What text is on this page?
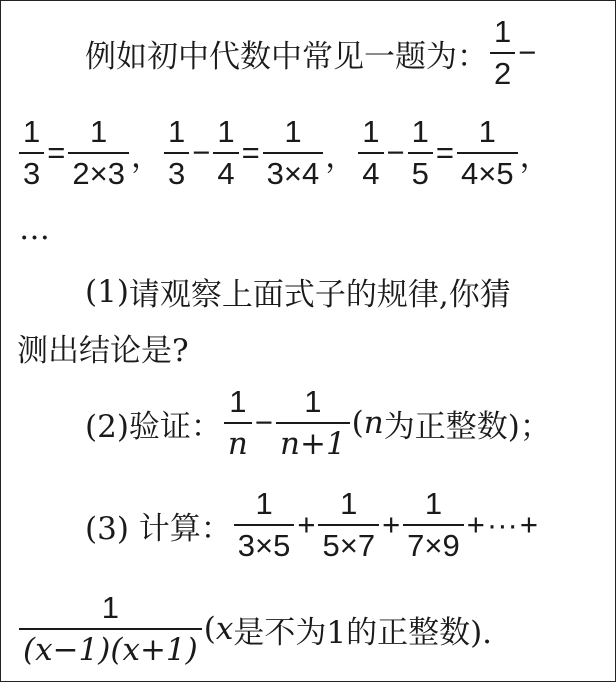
例如初中代数中常见一题为： $\frac{1}{2}$ −
$\frac{1}{3} = \frac{1}{2\times 3}$ ， $\frac{1}{3} - \frac{1}{4} = \frac{1}{3\times 4}$ ， $\frac{1}{4} - \frac{1}{5} = \frac{1}{4\times 5}$ ，
…
(1) 请观察上面式子的规律,你猜
测出结论是?
(2)验证： $\frac{1}{n} - \frac{1}{n+1}$ ( n 为正整数)；
(3) 计算： $\frac{1}{3\times 5} + \frac{1}{5\times 7} + \frac{1}{7\times 9}$ + ··· +
$\frac{1}{(x-1)(x+1)}$ ( x 是不为1的正整数).
